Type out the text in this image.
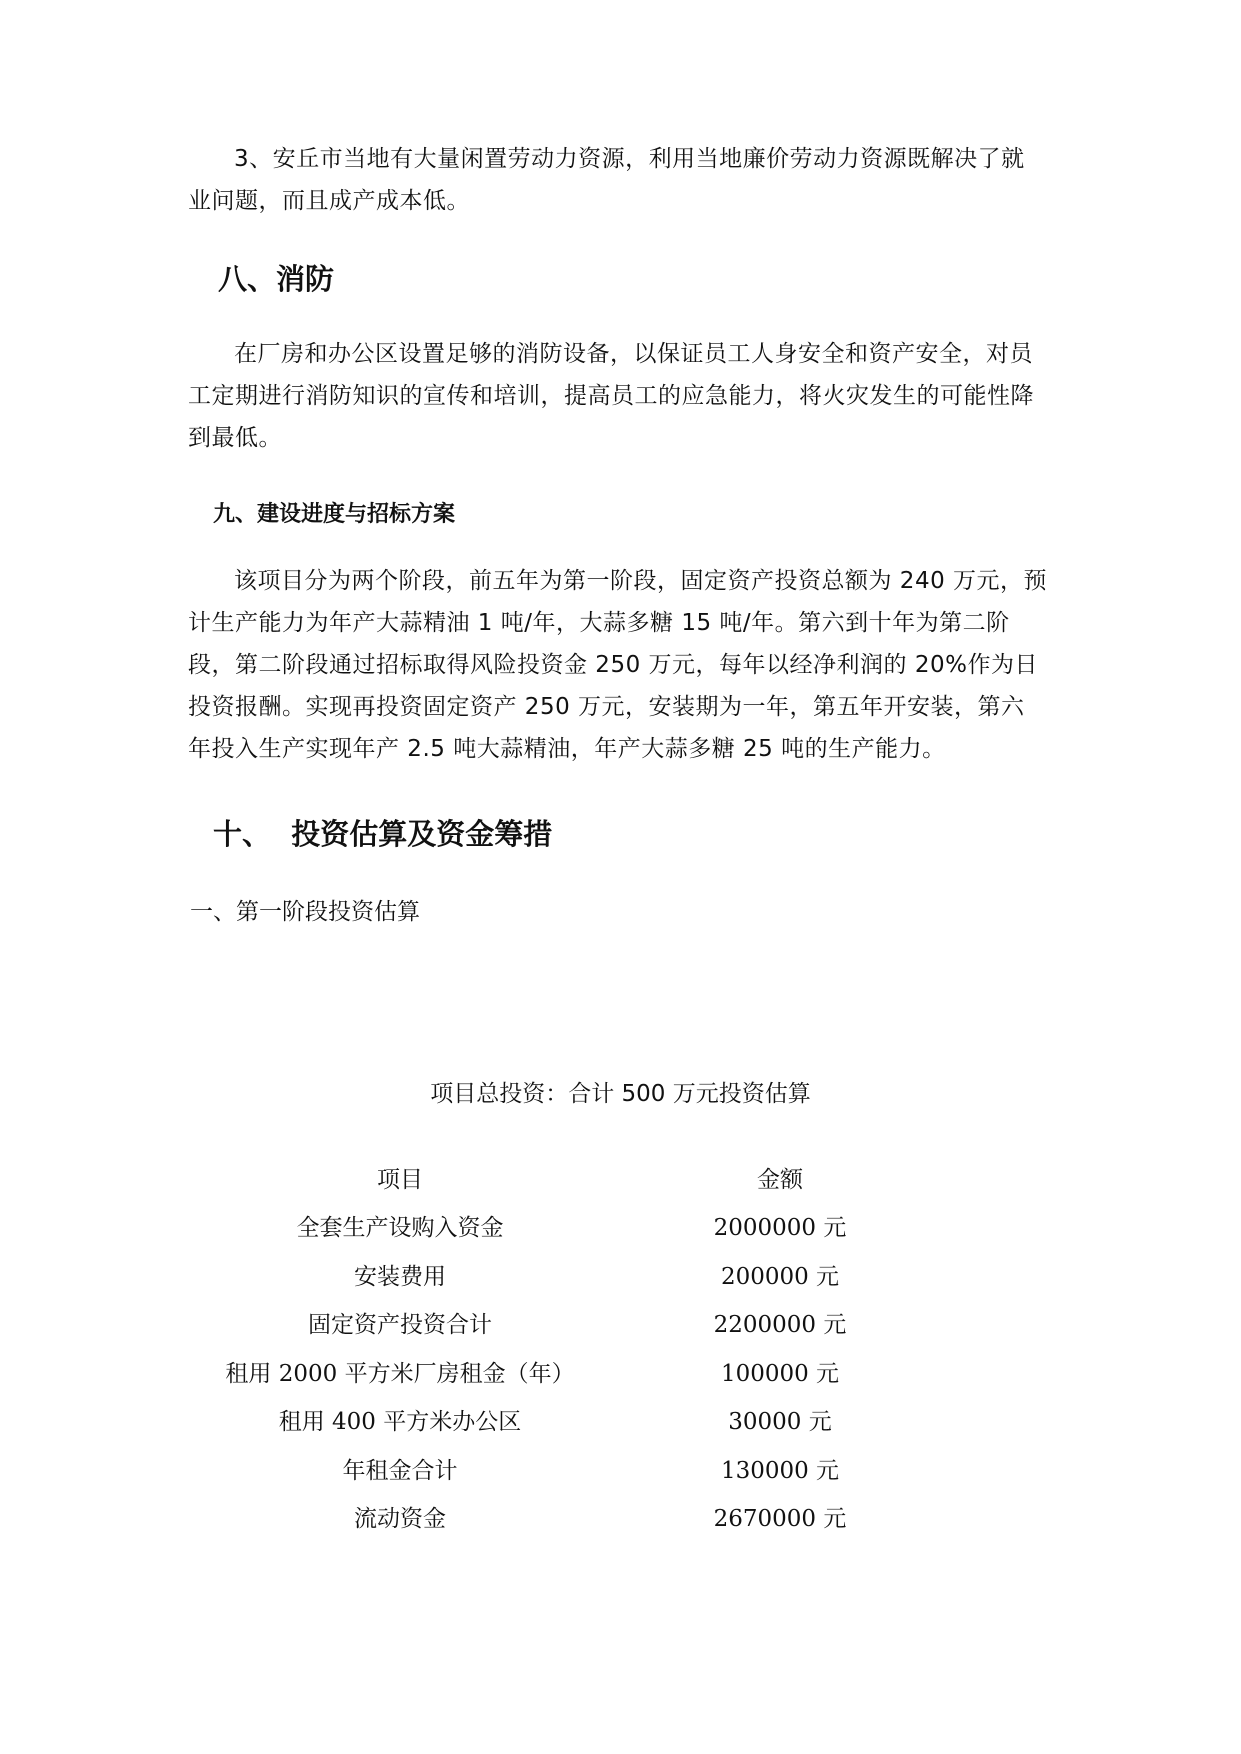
3、安丘市当地有大量闲置劳动力资源，利用当地廉价劳动力资源既解决了就业问题，而且成产成本低。

八、消防

在厂房和办公区设置足够的消防设备，以保证员工人身安全和资产安全，对员工定期进行消防知识的宣传和培训，提高员工的应急能力，将火灾发生的可能性降到最低。

九、建设进度与招标方案

该项目分为两个阶段，前五年为第一阶段，固定资产投资总额为 240 万元，预计生产能力为年产大蒜精油 1 吨/年，大蒜多糖 15 吨/年。第六到十年为第二阶段，第二阶段通过招标取得风险投资金 250 万元，每年以经净利润的 20%作为日投资报酬。实现再投资固定资产 250 万元，安装期为一年，第五年开安装，第六年投入生产实现年产 2.5 吨大蒜精油，年产大蒜多糖 25 吨的生产能力。

十、  投资估算及资金筹措

一、第一阶段投资估算

项目总投资：合计 500 万元投资估算

项目	金额
全套生产设购入资金	2000000 元
安装费用	200000 元
固定资产投资合计	2200000 元
租用 2000 平方米厂房租金（年）	100000 元
租用 400 平方米办公区	30000 元
年租金合计	130000 元
流动资金	2670000 元
